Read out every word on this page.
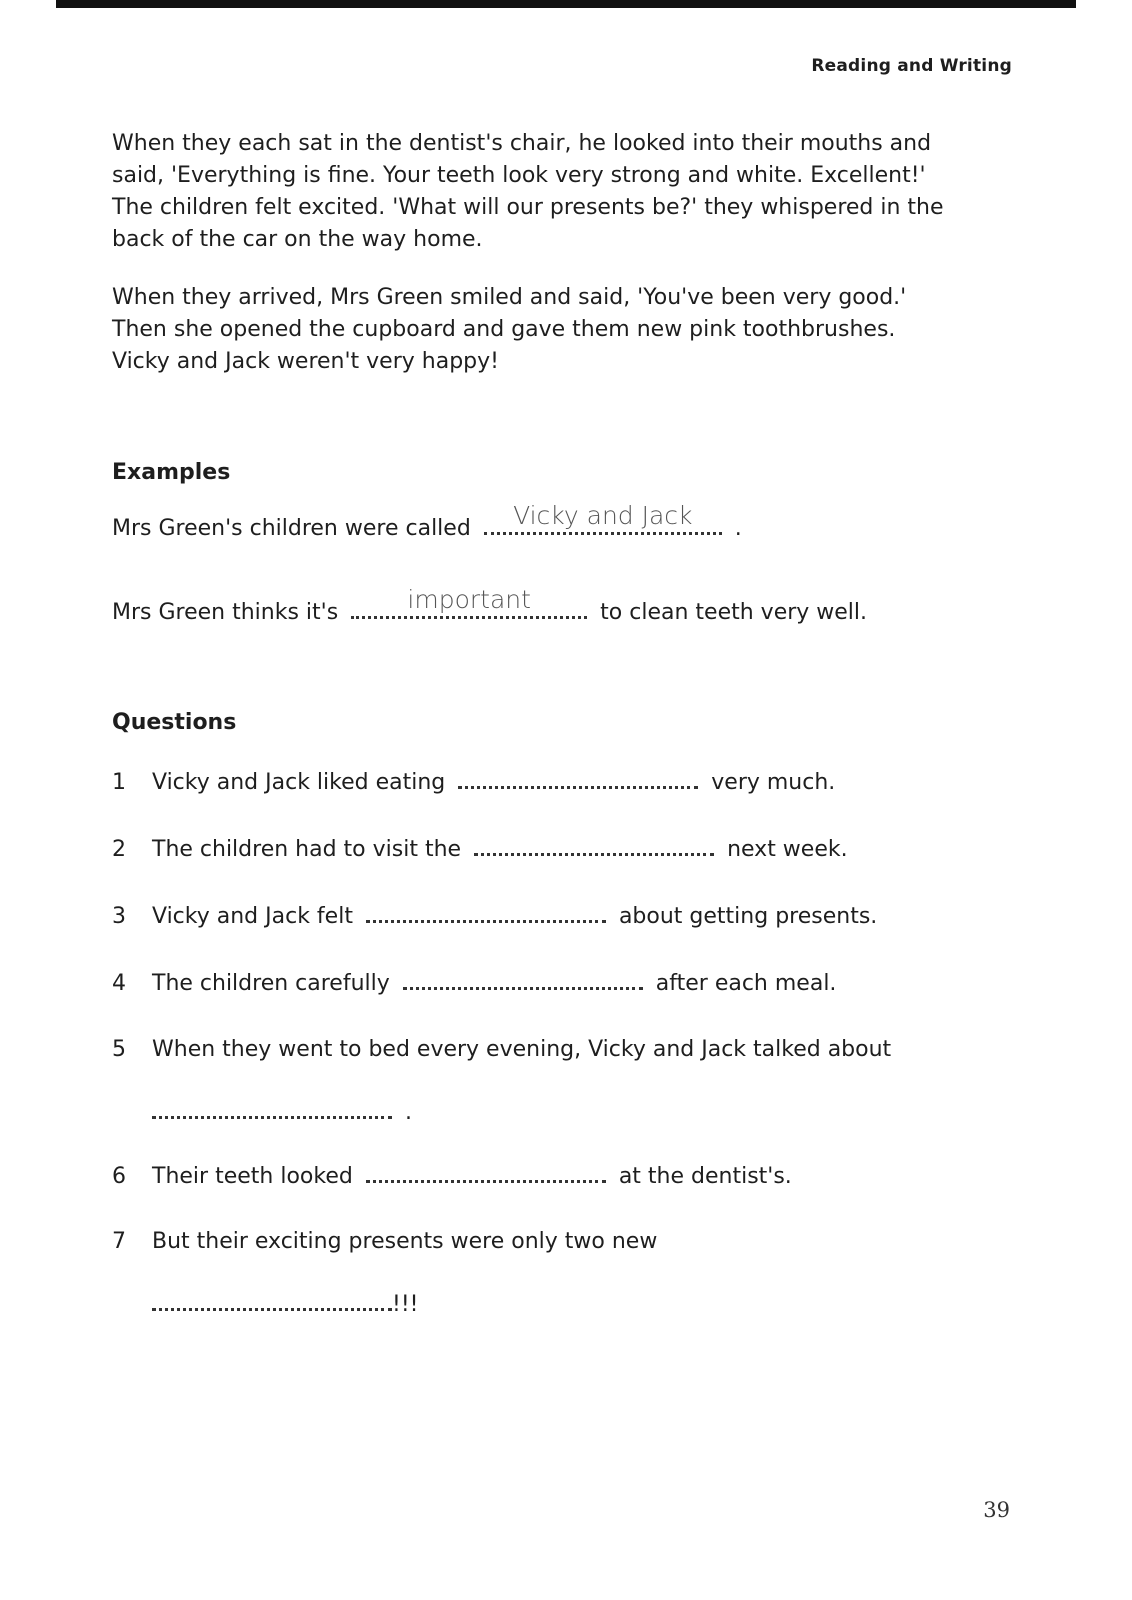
Reading and Writing

When they each sat in the dentist's chair, he looked into their mouths and said, 'Everything is fine. Your teeth look very strong and white. Excellent!' The children felt excited. 'What will our presents be?' they whispered in the back of the car on the way home.

When they arrived, Mrs Green smiled and said, 'You've been very good.' Then she opened the cupboard and gave them new pink toothbrushes. Vicky and Jack weren't very happy!

Examples
Mrs Green's children were called	Vicky and Jack	.
Mrs Green thinks it's	important	to clean teeth very well.
Questions
1 Vicky and Jack liked eating	very much.
2 The children had to visit the	next week.
3 Vicky and Jack felt	about getting presents.
4 The children carefully	after each meal.
5 When they went to bed every evening, Vicky and Jack talked about
.
6 Their teeth looked	at the dentist's.
7 But their exciting presents were only two new
!!!
39
